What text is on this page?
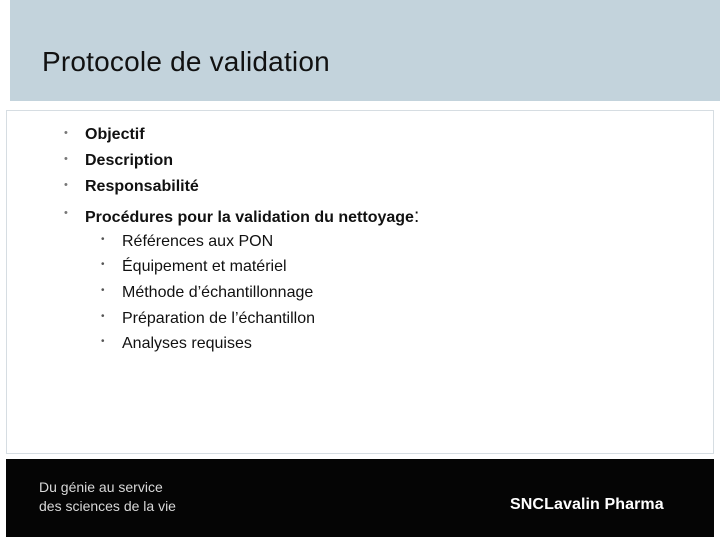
Protocole de validation
• Objectif
• Description
• Responsabilité
• Procédures pour la validation du nettoyage:
• Références aux PON
• Équipement et matériel
• Méthode d’échantillonnage
• Préparation de l’échantillon
• Analyses requises
Du génie au service
des sciences de la vie	SNCLavalin Pharma
